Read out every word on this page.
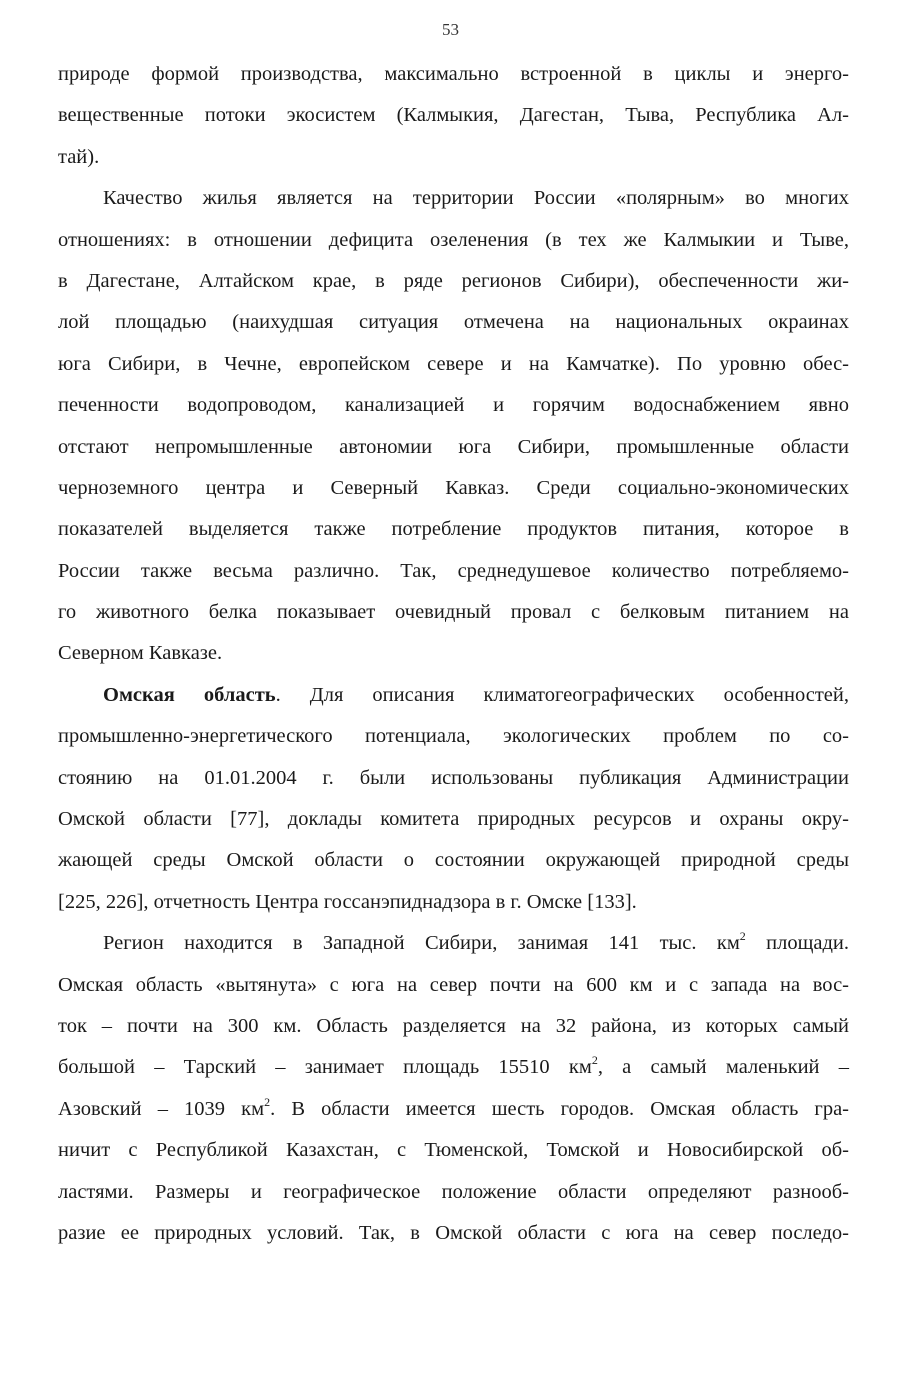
53
природе формой производства, максимально встроенной в циклы и энерго-
вещественные потоки экосистем (Калмыкия, Дагестан, Тыва, Республика Ал-
тай).
Качество жилья является на территории России «полярным» во многих
отношениях: в отношении дефицита озеленения (в тех же Калмыкии и Тыве,
в Дагестане, Алтайском крае, в ряде регионов Сибири), обеспеченности жи-
лой площадью (наихудшая ситуация отмечена на национальных окраинах
юга Сибири, в Чечне, европейском севере и на Камчатке). По уровню обес-
печенности водопроводом, канализацией и горячим водоснабжением явно
отстают непромышленные автономии юга Сибири, промышленные области
черноземного центра и Северный Кавказ. Среди социально-экономических
показателей выделяется также потребление продуктов питания, которое в
России также весьма различно. Так, среднедушевое количество потребляемо-
го животного белка показывает очевидный провал с белковым питанием на
Северном Кавказе.
Омская область. Для описания климатогеографических особенностей,
промышленно-энергетического потенциала, экологических проблем по со-
стоянию на 01.01.2004 г. были использованы публикация Администрации
Омской области [77], доклады комитета природных ресурсов и охраны окру-
жающей среды Омской области о состоянии окружающей природной среды
[225, 226], отчетность Центра госсанэпиднадзора в г. Омске [133].
Регион находится в Западной Сибири, занимая 141 тыс. $км^2$ площади.
Омская область «вытянута» с юга на север почти на 600 км и с запада на вос-
ток – почти на 300 км. Область разделяется на 32 района, из которых самый
большой – Тарский – занимает площадь 15510 $км^2$, а самый маленький –
Азовский – 1039 $км^2$. В области имеется шесть городов. Омская область гра-
ничит с Республикой Казахстан, с Тюменской, Томской и Новосибирской об-
ластями. Размеры и географическое положение области определяют разнооб-
разие ее природных условий. Так, в Омской области с юга на север последо-
